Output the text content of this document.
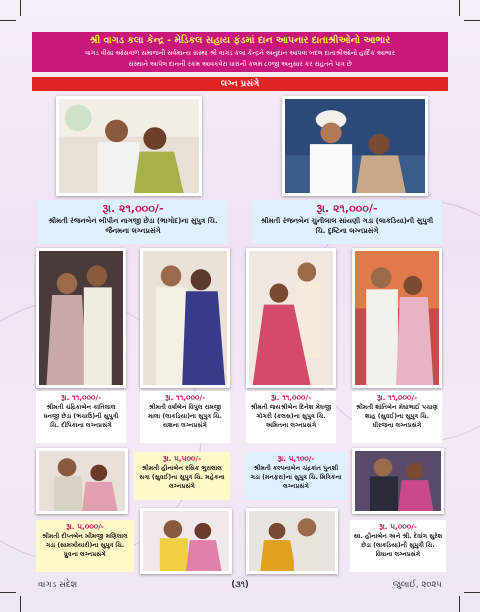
શ્રી વાગડ કલા કેન્દ્ર - મેડિકલ સહાય ફંડમાં દાન આપનાર દાતાશ્રીઓનો આભાર
વાગડ વીસા ઓસવાળ સમાજની સર્વમાન્ય સંસ્થા શ્રી વાગડ કલા કેન્દ્રને અનુદાન આપવા બદલ દાતાશ્રીઓનો હાર્દિક આભાર
સંસ્થાને આપેલ દાનની રકમ આવકવેરા ધારાની કલમ ૮૦જી અનુસાર કર રાહતને પાત્ર છે
લગ્ન પ્રસંગે
રૂા. ૨૧,૦૦૦/-
શ્રીમતી રંજનબેન બીપીન નાગજી છેડા (ભાગોદ)ના સુપુત્ર ચિ. જૈનમના લગ્નપ્રસંગે
રૂા. ૨૧,૦૦૦/-
શ્રીમતી રંજનબેન ચુનીલાલ સાંયણી ગડા (લાકડિયા)ની સુપુત્રી ચિ. દૃષ્ટિના લગ્નપ્રસંગે
રૂા. ૧૧,૦૦૦/-
શ્રીમતી ચંદ્રિકાબેન કાંતિલાલ ધનજી છેડા (ભચાઉ)ની સુપુત્રી ચિ. દીપિકાના લગ્નપ્રસંગે
રૂા. ૧૧,૦૦૦/-
શ્રીમતી વર્ષાબેન વિપુલ રામજી માલા (લાકડિયા)ના સુપુત્ર ચિ. યશના લગ્નપ્રસંગે
રૂા. ૧૧,૦૦૦/-
શ્રીમતી જયશ્રીબેન દિનેશ મેઘજી ગોગરી (કલસ)ના સુપુત્ર ચિ. અમિતના લગ્નપ્રસંગે
રૂા. ૧૧,૦૦૦/-
શ્રીમતી શાંતિબેન મેઘાભાઈ પચાણ શાહ (સુવઈ)ના સુપુત્ર ચિ. ધીરજના લગ્નપ્રસંગે
રૂા. ૫,૫૦૦/-
શ્રીમતી હીનાબેન રસિક ભુરાલાલ સત્રા (સુવઈ)ના સુપુત્ર ચિ. મહેકના લગ્નપ્રસંગે
રૂા. ૫,૧૦૦/-
શ્રીમતી કલ્પનાબેન ચંદ્રકાંત પુનશી ગડા (મનફરા)ના સુપુત્ર ચિ. મિત્રિકના લગ્નપ્રસંગે
રૂા. ૫,૦૦૦/-
શ્રીમતી દીપ્તબેન ખીમજી મણિલાલ ગડા (સામખીયારી)ના સુપુત્ર ચિ. ધ્રુવના લગ્નપ્રસંગે
રૂા. ૫,૦૦૦/-
સ્વ. હીનાબેન અને શ્રી. દેવાંગ સુરેશ છેડા (લાકડિયા)ની સુપુત્રી ચિ. વિધાના લગ્નપ્રસંગે
વાગડ સંદેશ	(૩૧)	જુલાઈ, ૨૦૨૫
